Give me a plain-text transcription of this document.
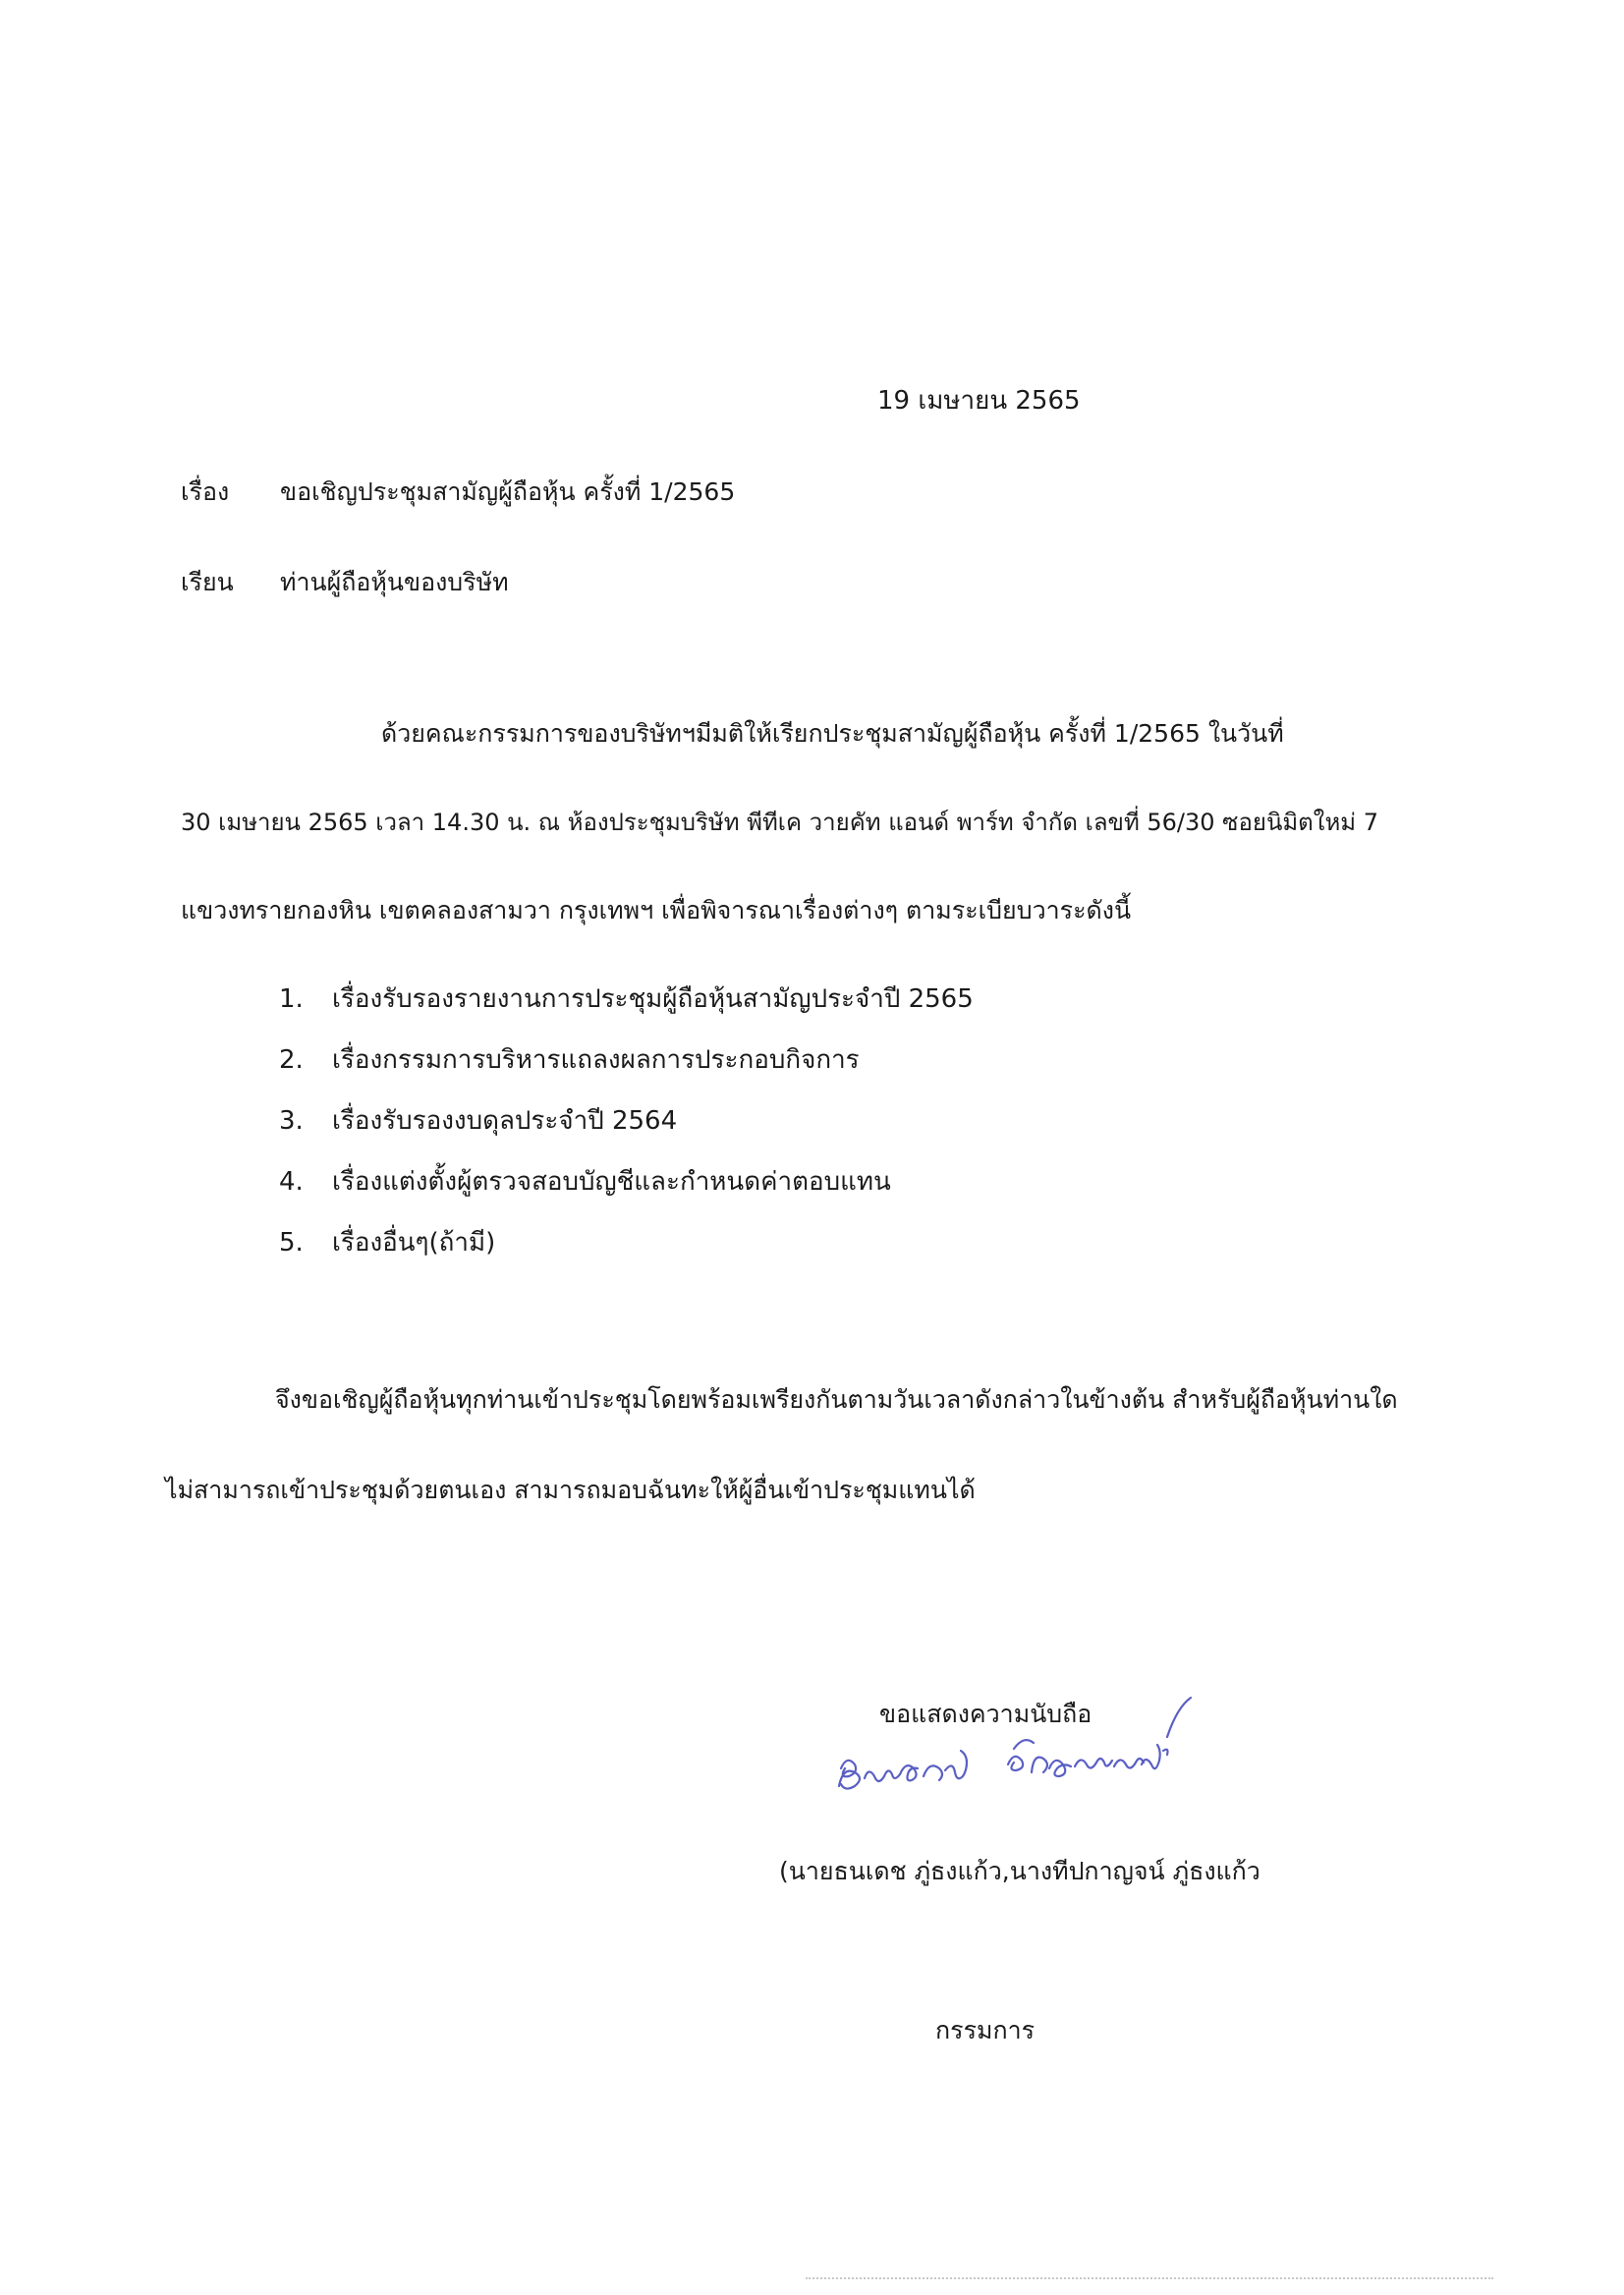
19 เมษายน 2565
เรื่อง ขอเชิญประชุมสามัญผู้ถือหุ้น ครั้งที่ 1/2565
เรียน ท่านผู้ถือหุ้นของบริษัท
ด้วยคณะกรรมการของบริษัทฯมีมติให้เรียกประชุมสามัญผู้ถือหุ้น ครั้งที่ 1/2565 ในวันที่
30 เมษายน 2565 เวลา 14.30 น. ณ ห้องประชุมบริษัท พีทีเค วายคัท แอนด์ พาร์ท จำกัด เลขที่ 56/30 ซอยนิมิตใหม่ 7
แขวงทรายกองหิน เขตคลองสามวา กรุงเทพฯ เพื่อพิจารณาเรื่องต่างๆ ตามระเบียบวาระดังนี้
1. เรื่องรับรองรายงานการประชุมผู้ถือหุ้นสามัญประจำปี 2565
2. เรื่องกรรมการบริหารแถลงผลการประกอบกิจการ
3. เรื่องรับรองงบดุลประจำปี 2564
4. เรื่องแต่งตั้งผู้ตรวจสอบบัญชีและกำหนดค่าตอบแทน
5. เรื่องอื่นๆ(ถ้ามี)
จึงขอเชิญผู้ถือหุ้นทุกท่านเข้าประชุมโดยพร้อมเพรียงกันตามวันเวลาดังกล่าวในข้างต้น สำหรับผู้ถือหุ้นท่านใด
ไม่สามารถเข้าประชุมด้วยตนเอง สามารถมอบฉันทะให้ผู้อื่นเข้าประชุมแทนได้
ขอแสดงความนับถือ
(นายธนเดช ภู่ธงแก้ว,นางทีปกาญจน์ ภู่ธงแก้ว
กรรมการ
